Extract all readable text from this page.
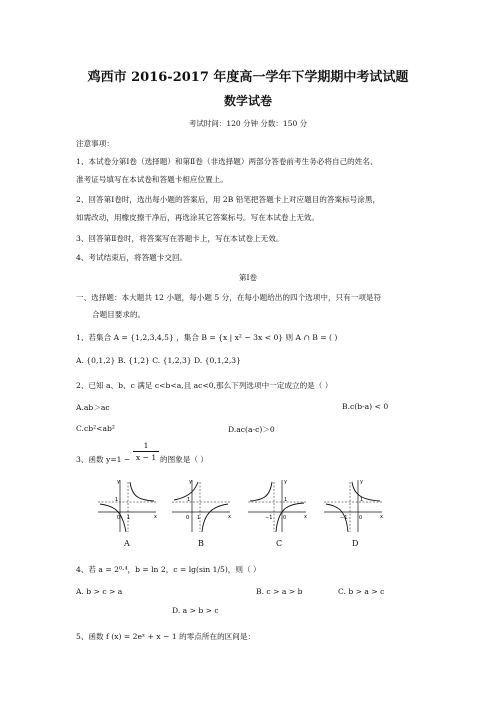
鸡西市 2016-2017 年度高一学年下学期期中考试试题
数学试卷
考试时间：120 分钟 分数：150 分
注意事项：
1、本试卷分第Ⅰ卷（选择题）和第Ⅱ卷（非选择题）两部分答卷前考生务必将自己的姓名、
准考证号填写在本试卷和答题卡相应位置上。
2、回答第Ⅰ卷时，选出每小题的答案后，用 2B 铅笔把答题卡上对应题目的答案标号涂黑，
如需改动，用橡皮擦干净后，再选涂其它答案标号。写在本试卷上无效。
3、回答第Ⅱ卷时，将答案写在答题卡上，写在本试卷上无效。
4、考试结束后，将答题卡交回。
第Ⅰ卷
一、选择题：本大题共 12 小题，每小题 5 分，在每小题给出的四个选项中，只有一项是符
合题目要求的。
1、若集合 A = {1,2,3,4,5} ，集合 B = {x | x² − 3x < 0} 则 A ∩ B = ( )
A. {0,1,2} B. {1,2} C. {1,2,3} D. {0,1,2,3}
2、已知 a、b、c 满足 c<b<a,且 ac<0,那么下列选项中一定成立的是（ ）
A.ab＞ac	B.c(b-a) < 0
C.cb²<ab²	D.ac(a-c)＞0
3、函数 $y=1 - \frac{1}{x - 1}$ 的图象是（ ）
0
1
1	x
y
1
0 1	x
y
−1 0
1
x
y
−1 0
1
x
y
A	B	C	D
4、若 a = 2⁰·⁴，b = ln 2，c = lg(sin 1/5)，则（ ）
A. b > c > a	B. c > a > b	C. b > a > c
D. a > b > c
5、函数 f (x) = 2eˣ + x − 1 的零点所在的区间是：
